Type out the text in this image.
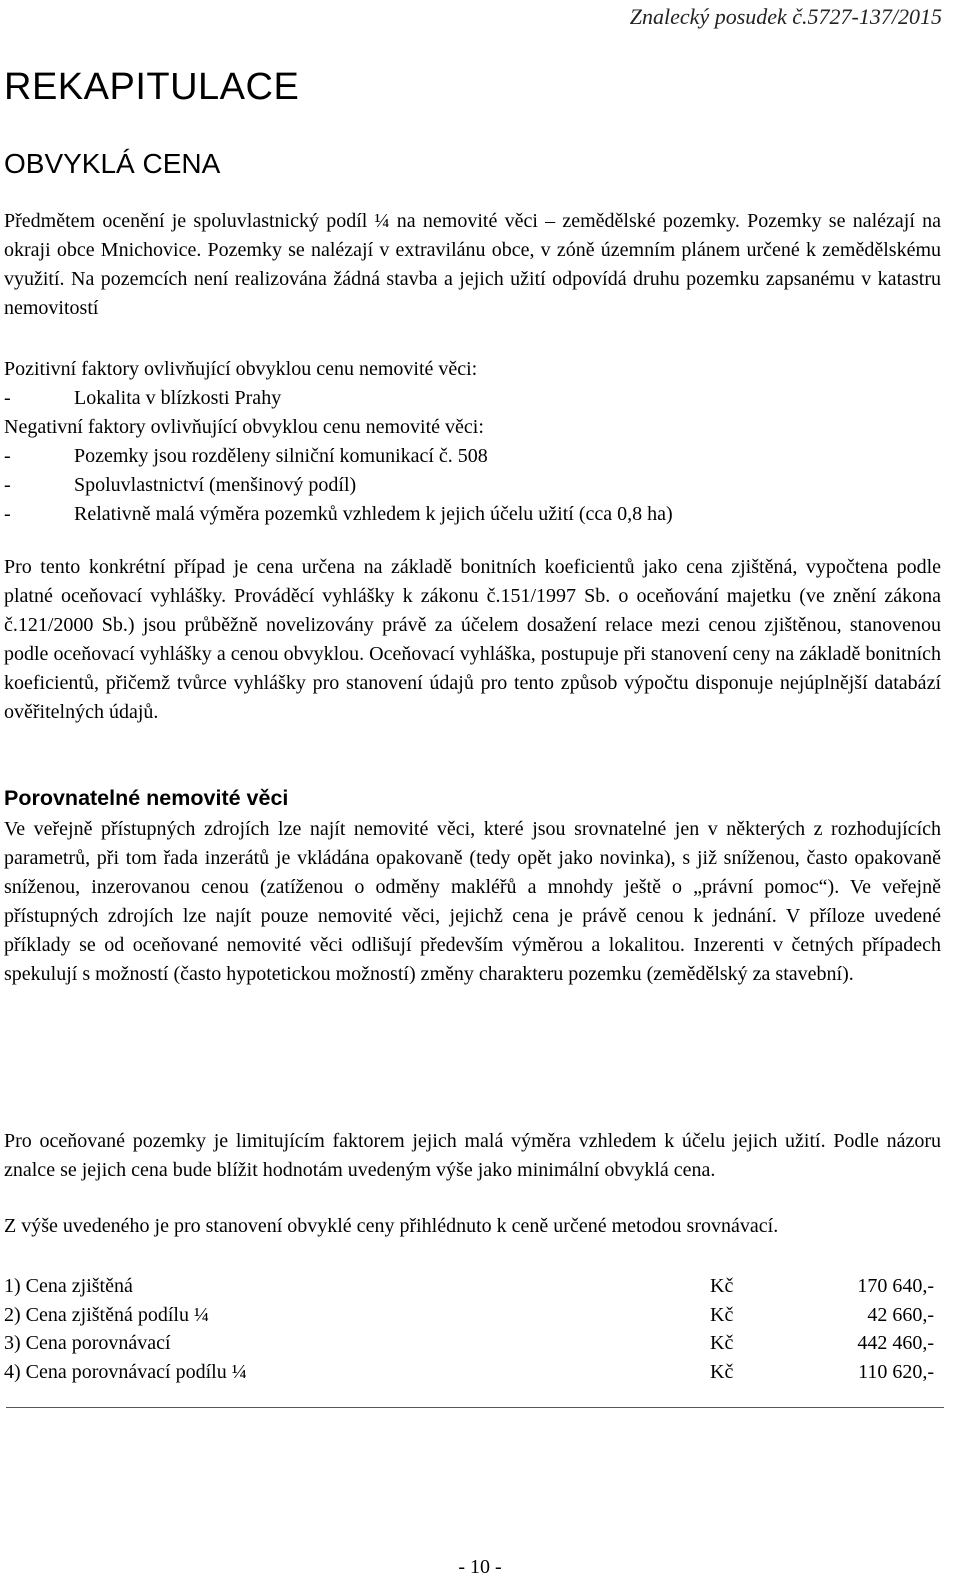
Znalecký posudek č.5727-137/2015
REKAPITULACE
OBVYKLÁ CENA
Předmětem ocenění je spoluvlastnický podíl ¼ na nemovité věci – zemědělské pozemky. Pozemky se nalézají na okraji obce Mnichovice. Pozemky se nalézají v extravilánu obce, v zóně územním plánem určené k zemědělskému využití. Na pozemcích není realizována žádná stavba a jejich užití odpovídá druhu pozemku zapsanému v katastru nemovitostí
Pozitivní faktory ovlivňující obvyklou cenu nemovité věci:
-	Lokalita v blízkosti Prahy
Negativní faktory ovlivňující obvyklou cenu nemovité věci:
-	Pozemky jsou rozděleny silniční komunikací č. 508
-	Spoluvlastnictví (menšinový podíl)
-	Relativně malá výměra pozemků vzhledem k jejich účelu užití (cca 0,8 ha)
Pro tento konkrétní případ je cena určena na základě bonitních koeficientů jako cena zjištěná, vypočtena podle platné oceňovací vyhlášky. Prováděcí vyhlášky k zákonu č.151/1997 Sb. o oceňování majetku (ve znění zákona č.121/2000 Sb.) jsou průběžně novelizovány právě za účelem dosažení relace mezi cenou zjištěnou, stanovenou podle oceňovací vyhlášky a cenou obvyklou. Oceňovací vyhláška, postupuje při stanovení ceny na základě bonitních koeficientů, přičemž tvůrce vyhlášky pro stanovení údajů pro tento způsob výpočtu disponuje nejúplnější databází ověřitelných údajů.
Porovnatelné nemovité věci
Ve veřejně přístupných zdrojích lze najít nemovité věci, které jsou srovnatelné jen v některých z rozhodujících parametrů, při tom řada inzerátů je vkládána opakovaně (tedy opět jako novinka), s již sníženou, často opakovaně sníženou, inzerovanou cenou (zatíženou o odměny makléřů a mnohdy ještě o „právní pomoc“). Ve veřejně přístupných zdrojích lze najít pouze nemovité věci, jejichž cena je právě cenou k jednání. V příloze uvedené příklady se od oceňované nemovité věci odlišují především výměrou a lokalitou. Inzerenti v četných případech spekulují s možností (často hypotetickou možností) změny charakteru pozemku (zemědělský za stavební).
Pro oceňované pozemky je limitujícím faktorem jejich malá výměra vzhledem k účelu jejich užití. Podle názoru znalce se jejich cena bude blížit hodnotám uvedeným výše jako minimální obvyklá cena.
Z výše uvedeného je pro stanovení obvyklé ceny přihlédnuto k ceně určené metodou srovnávací.
1) Cena zjištěná	Kč	170 640,-
2) Cena zjištěná podílu ¼	Kč	42 660,-
3) Cena porovnávací	Kč	442 460,-
4) Cena porovnávací podílu ¼	Kč	110 620,-
- 10 -
